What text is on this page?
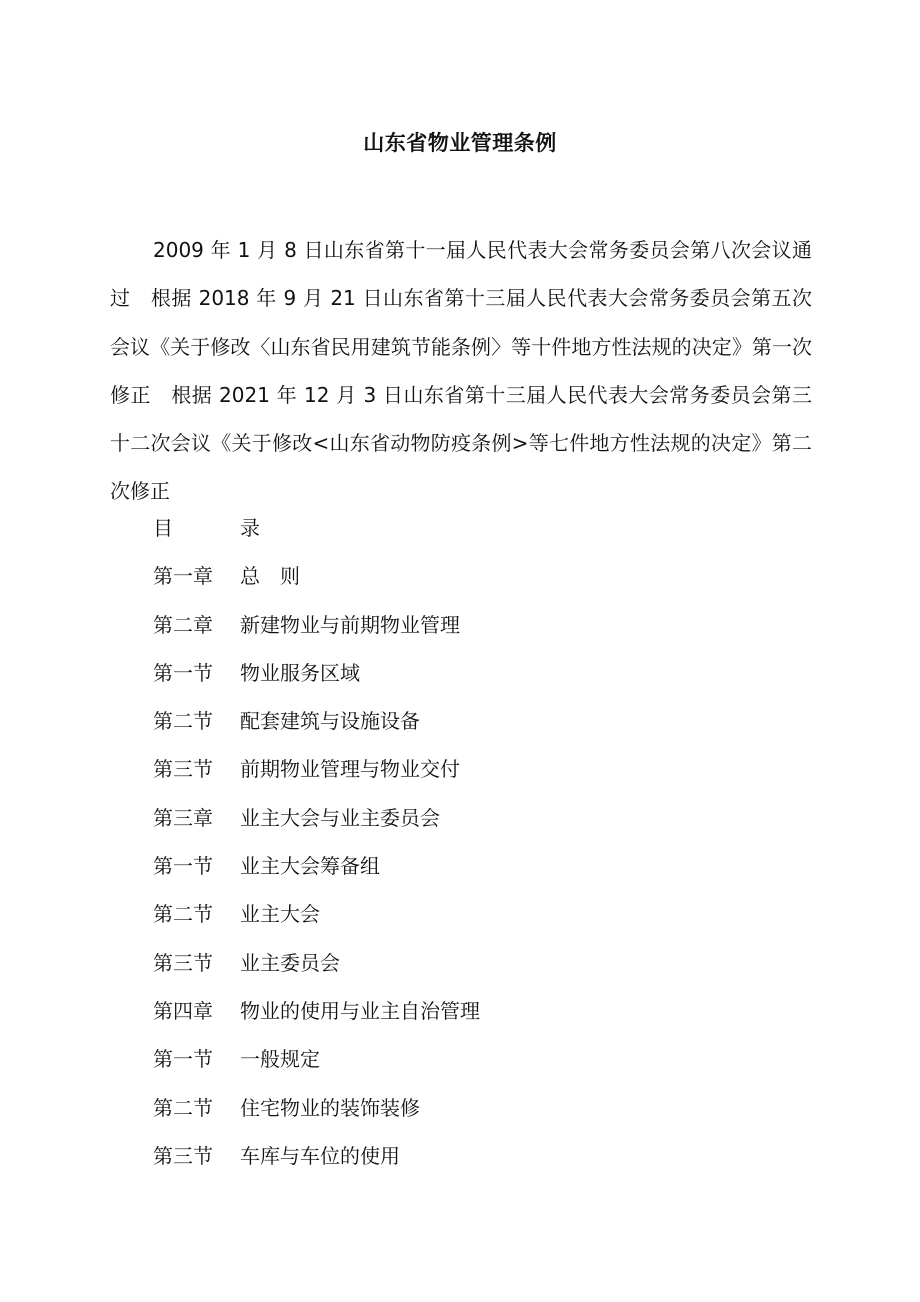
山东省物业管理条例

2009 年 1 月 8 日山东省第十一届人民代表大会常务委员会第八次会议通过　根据 2018 年 9 月 21 日山东省第十三届人民代表大会常务委员会第五次会议《关于修改〈山东省民用建筑节能条例〉等十件地方性法规的决定》第一次修正　根据 2021 年 12 月 3 日山东省第十三届人民代表大会常务委员会第三十二次会议《关于修改<山东省动物防疫条例>等七件地方性法规的决定》第二次修正

目	录
第一章 总　则
第二章 新建物业与前期物业管理
第一节 物业服务区域
第二节 配套建筑与设施设备
第三节 前期物业管理与物业交付
第三章 业主大会与业主委员会
第一节 业主大会筹备组
第二节 业主大会
第三节 业主委员会
第四章 物业的使用与业主自治管理
第一节 一般规定
第二节 住宅物业的装饰装修
第三节 车库与车位的使用
